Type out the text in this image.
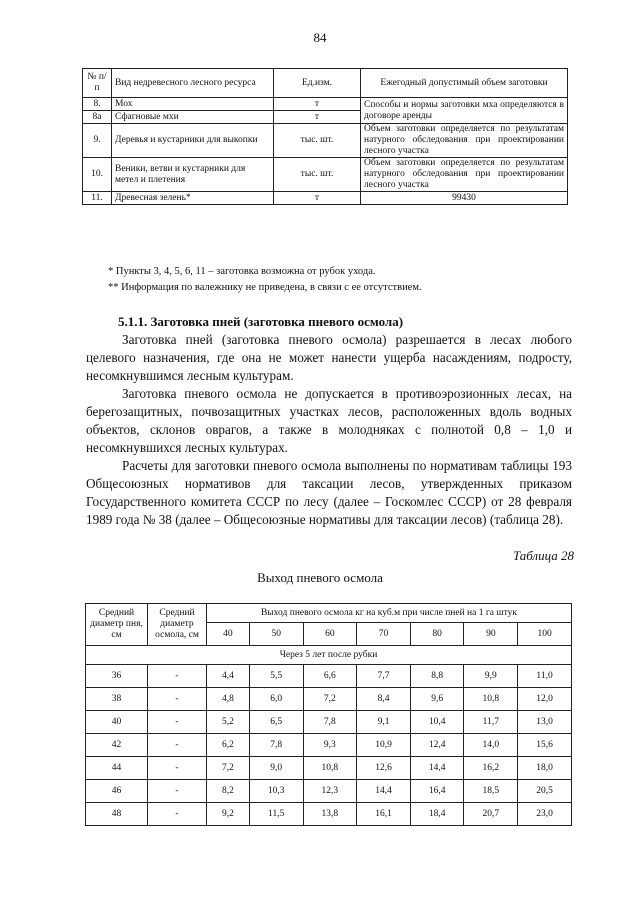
84
№ п/п	Вид недревесного лесного ресурса	Ед.изм.	Ежегодный допустимый объем заготовки
8.	Мох	т	Способы и нормы заготовки мха определяются в договоре аренды
8а	Сфагновые мхи	т	
9.	Деревья и кустарники для выкопки	тыс. шт.	Объем заготовки определяется по результатам натурного обследования при проектировании лесного участка
10.	Веники, ветви и кустарники для метел и плетения	тыс. шт.	Объем заготовки определяется по результатам натурного обследования при проектировании лесного участка
11.	Древесная зелень*	т	99430
* Пункты 3, 4, 5, 6, 11 – заготовка возможна от рубок ухода.
** Информация по валежнику не приведена, в связи с ее отсутствием.
5.1.1. Заготовка пней (заготовка пневого осмола)

Заготовка пней (заготовка пневого осмола) разрешается в лесах любого целевого назначения, где она не может нанести ущерба насаждениям, подросту, несомкнувшимся лесным культурам.

Заготовка пневого осмола не допускается в противоэрозионных лесах, на берегозащитных, почвозащитных участках лесов, расположенных вдоль водных объектов, склонов оврагов, а также в молодняках с полнотой 0,8 – 1,0 и несомкнувшихся лесных культурах.

Расчеты для заготовки пневого осмола выполнены по нормативам таблицы 193 Общесоюзных нормативов для таксации лесов, утвержденных приказом Государственного комитета СССР по лесу (далее – Госкомлес СССР) от 28 февраля 1989 года № 38 (далее – Общесоюзные нормативы для таксации лесов) (таблица 28).

Таблица 28
Выход пневого осмола
Средний диаметр пня, см	Средний диаметр осмола, см	Выход пневого осмола кг на куб.м при числе пней на 1 га штук						
		40	50	60	70	80	90	100
Через 5 лет после рубки								
36	-	4,4	5,5	6,6	7,7	8,8	9,9	11,0
38	-	4,8	6,0	7,2	8,4	9,6	10,8	12,0
40	-	5,2	6,5	7,8	9,1	10,4	11,7	13,0
42	-	6,2	7,8	9,3	10,9	12,4	14,0	15,6
44	-	7,2	9,0	10,8	12,6	14,4	16,2	18,0
46	-	8,2	10,3	12,3	14,4	16,4	18,5	20,5
48	-	9,2	11,5	13,8	16,1	18,4	20,7	23,0
